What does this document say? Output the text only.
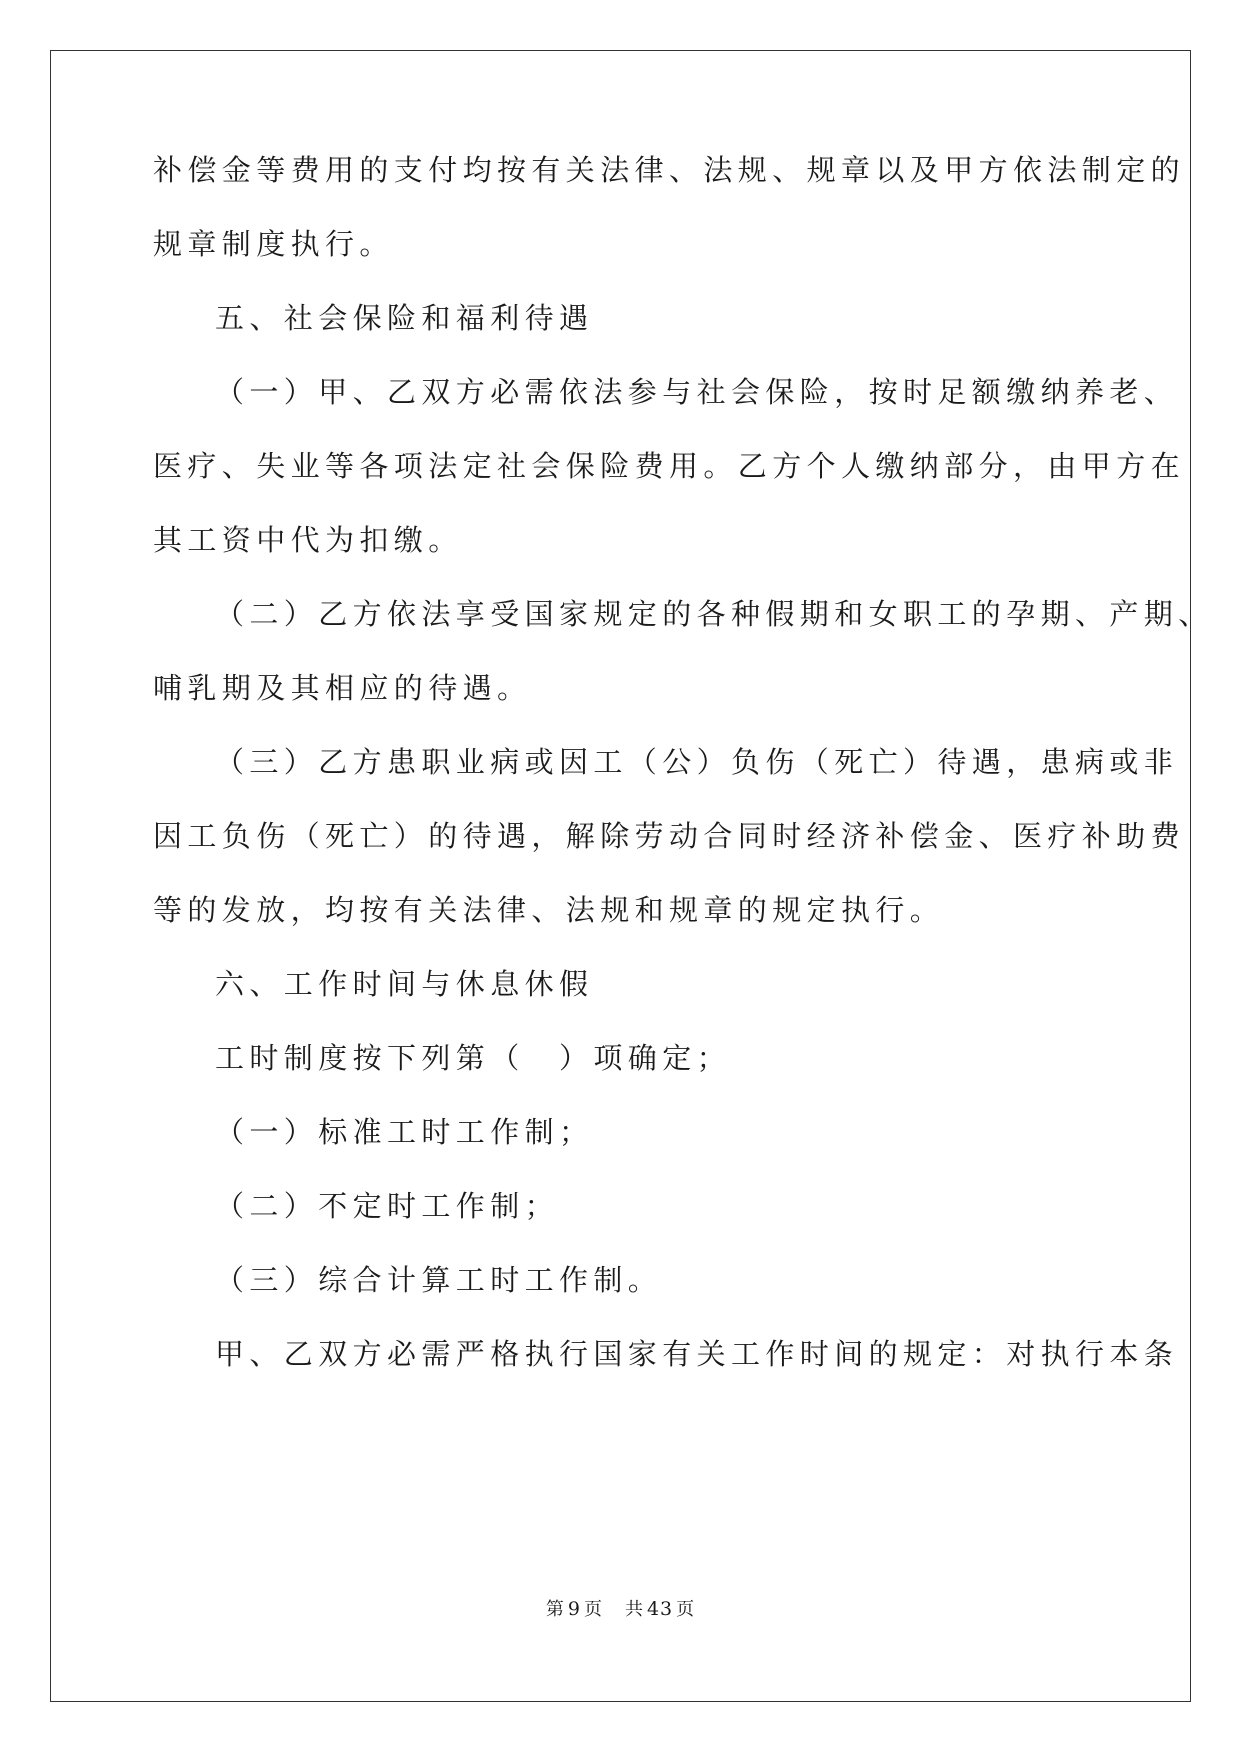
补偿金等费用的支付均按有关法律、法规、规章以及甲方依法制定的
规章制度执行。
五、社会保险和福利待遇
（一）甲、乙双方必需依法参与社会保险，按时足额缴纳养老、
医疗、失业等各项法定社会保险费用。乙方个人缴纳部分，由甲方在
其工资中代为扣缴。
（二）乙方依法享受国家规定的各种假期和女职工的孕期、产期、
哺乳期及其相应的待遇。
（三）乙方患职业病或因工（公）负伤（死亡）待遇，患病或非
因工负伤（死亡）的待遇，解除劳动合同时经济补偿金、医疗补助费
等的发放，均按有关法律、法规和规章的规定执行。
六、工作时间与休息休假
工时制度按下列第（　）项确定；
（一）标准工时工作制；
（二）不定时工作制；
（三）综合计算工时工作制。
甲、乙双方必需严格执行国家有关工作时间的规定：对执行本条
第 9 页 共 43 页
